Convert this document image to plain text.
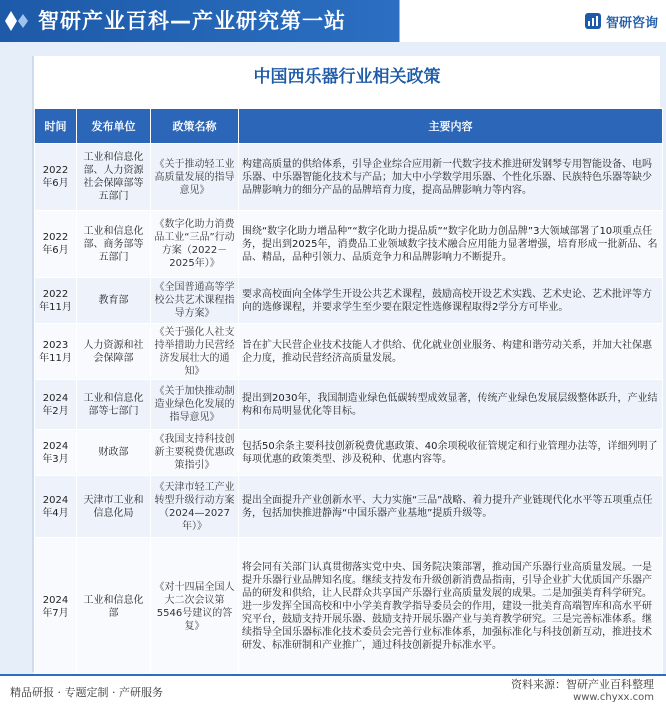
智研产业百科—产业研究第一站	智研咨询
中国西乐器行业相关政策
时间	发布单位	政策名称	主要内容
2022年6月	工业和信息化部、人力资源社会保障部等五部门	《关于推动轻工业高质量发展的指导意见》	构建高质量的供给体系，引导企业综合应用新一代数字技术推进研发钢琴专用智能设备、电吗乐器、中乐器智能化技术与产品；加大中小学数学用乐器、个性化乐器、民族特色乐器等缺少品牌影响力的细分产品的品牌培育力度，提高品牌影响力等内容。
2022年6月	工业和信息化部、商务部等五部门	《数字化助力消费品工业“三品”行动方案（2022－2025年）》	围绕“数字化助力增品种”“数字化助力提品质”“数字化助力创品牌”3大领域部署了10项重点任务，提出到2025年，消费品工业领域数字技术融合应用能力显著增强，培育形成一批新品、名品、精品，品种引领力、品质竞争力和品牌影响力不断提升。
2022年11月	教育部	《全国普通高等学校公共艺术课程指导方案》	要求高校面向全体学生开设公共艺术课程，鼓励高校开设艺术实践、艺术史论、艺术批评等方向的选修课程，并要求学生至少要在限定性选修课程取得2学分方可毕业。
2023年11月	人力资源和社会保障部	《关于强化人社支持举措助力民营经济发展壮大的通知》	旨在扩大民营企业技术技能人才供给、优化就业创业服务、构建和谐劳动关系，并加大社保惠企力度，推动民营经济高质量发展。
2024年2月	工业和信息化部等七部门	《关于加快推动制造业绿色化发展的指导意见》	提出到2030年，我国制造业绿色低碳转型成效显著，传统产业绿色发展层级整体跃升，产业结构和布局明显优化等目标。
2024年3月	财政部	《我国支持科技创新主要税费优惠政策指引》	包括50余条主要科技创新税费优惠政策、40余项税收征管规定和行业管理办法等，详细列明了每项优惠的政策类型、涉及税种、优惠内容等。
2024年4月	天津市工业和信息化局	《天津市轻工产业转型升级行动方案（2024—2027年）》	提出全面提升产业创新水平、大力实施“三品”战略、着力提升产业链现代化水平等五项重点任务，包括加快推进静海“中国乐器产业基地”提质升级等。
2024年7月	工业和信息化部	《对十四届全国人大二次会议第5546号建议的答复》	将会同有关部门认真贯彻落实党中央、国务院决策部署，推动国产乐器行业高质量发展。一是提升乐器行业品牌知名度。继续支持发布升级创新消费品指南，引导企业扩大优质国产乐器产品的研发和供给，让人民群众共享国产乐器行业高质量发展的成果。二是加强美育科学研究。进一步发挥全国高校和中小学美育教学指导委员会的作用，建设一批美育高端智库和高水平研究平台，鼓励支持开展乐器、鼓励支持开展乐器产业与美育教学研究。三是完善标准体系。继续指导全国乐器标准化技术委员会完善行业标准体系，加强标准化与科技创新互动，推进技术研发、标准研制和产业推广，通过科技创新提升标准水平。
精品研报 · 专题定制 · 产研服务
资料来源：智研产业百科整理
www.chyxx.com
